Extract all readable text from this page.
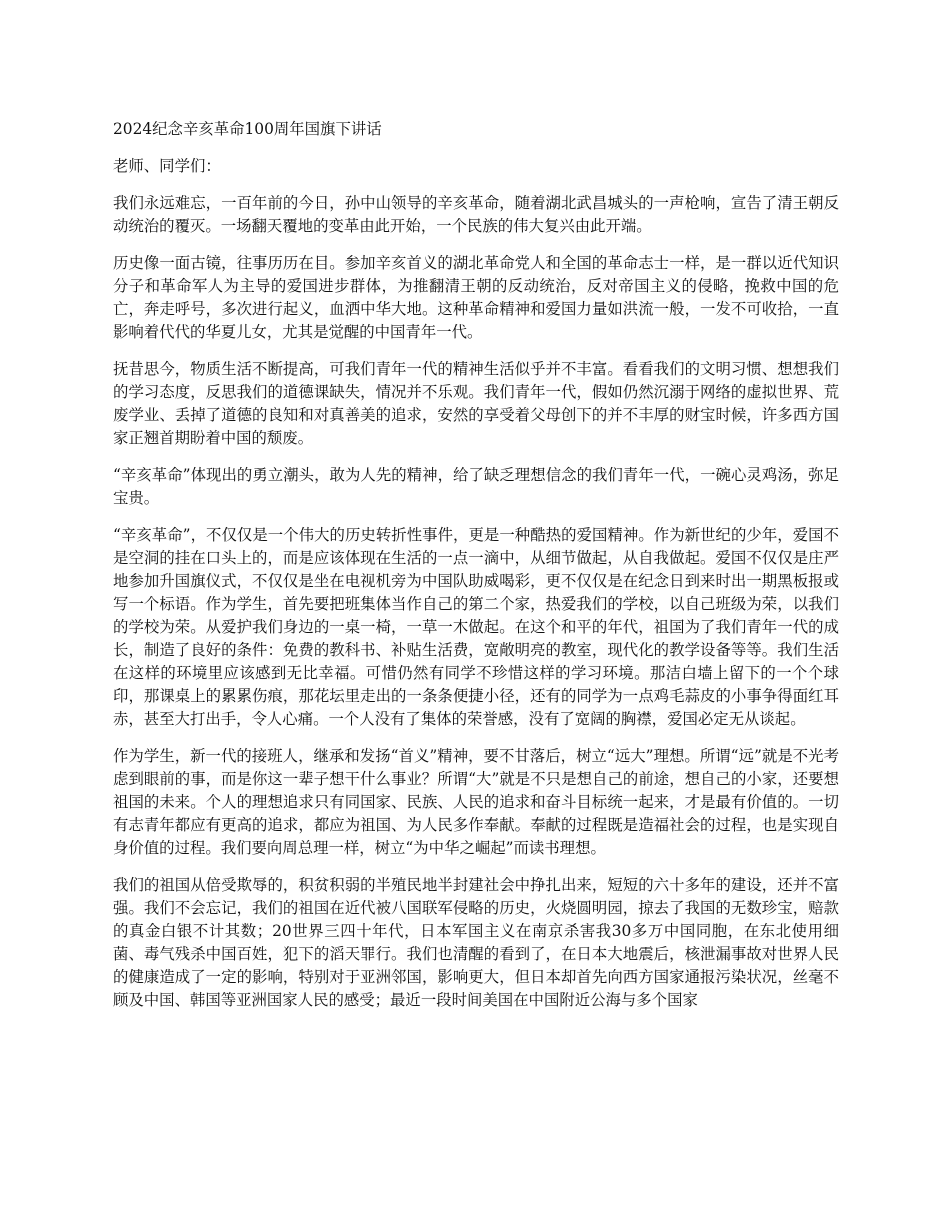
2024纪念辛亥革命100周年国旗下讲话

老师、同学们：

我们永远难忘，一百年前的今日，孙中山领导的辛亥革命，随着湖北武昌城头的一声枪响，宣告了清王朝反动统治的覆灭。一场翻天覆地的变革由此开始，一个民族的伟大复兴由此开端。

历史像一面古镜，往事历历在目。参加辛亥首义的湖北革命党人和全国的革命志士一样，是一群以近代知识分子和革命军人为主导的爱国进步群体，为推翻清王朝的反动统治，反对帝国主义的侵略，挽救中国的危亡，奔走呼号，多次进行起义，血洒中华大地。这种革命精神和爱国力量如洪流一般，一发不可收拾，一直影响着代代的华夏儿女，尤其是觉醒的中国青年一代。

抚昔思今，物质生活不断提高，可我们青年一代的精神生活似乎并不丰富。看看我们的文明习惯、想想我们的学习态度，反思我们的道德课缺失，情况并不乐观。我们青年一代，假如仍然沉溺于网络的虚拟世界、荒废学业、丢掉了道德的良知和对真善美的追求，安然的享受着父母创下的并不丰厚的财宝时候，许多西方国家正翘首期盼着中国的颓废。

“辛亥革命”体现出的勇立潮头，敢为人先的精神，给了缺乏理想信念的我们青年一代，一碗心灵鸡汤，弥足宝贵。

“辛亥革命”，不仅仅是一个伟大的历史转折性事件，更是一种酷热的爱国精神。作为新世纪的少年，爱国不是空洞的挂在口头上的，而是应该体现在生活的一点一滴中，从细节做起，从自我做起。爱国不仅仅是庄严地参加升国旗仪式，不仅仅是坐在电视机旁为中国队助威喝彩，更不仅仅是在纪念日到来时出一期黑板报或写一个标语。作为学生，首先要把班集体当作自己的第二个家，热爱我们的学校，以自己班级为荣，以我们的学校为荣。从爱护我们身边的一桌一椅，一草一木做起。在这个和平的年代，祖国为了我们青年一代的成长，制造了良好的条件：免费的教科书、补贴生活费，宽敞明亮的教室，现代化的教学设备等等。我们生活在这样的环境里应该感到无比幸福。可惜仍然有同学不珍惜这样的学习环境。那洁白墙上留下的一个个球印，那课桌上的累累伤痕，那花坛里走出的一条条便捷小径，还有的同学为一点鸡毛蒜皮的小事争得面红耳赤，甚至大打出手，令人心痛。一个人没有了集体的荣誉感，没有了宽阔的胸襟，爱国必定无从谈起。

作为学生，新一代的接班人，继承和发扬“首义”精神，要不甘落后，树立“远大”理想。所谓“远”就是不光考虑到眼前的事，而是你这一辈子想干什么事业？所谓“大”就是不只是想自己的前途，想自己的小家，还要想祖国的未来。个人的理想追求只有同国家、民族、人民的追求和奋斗目标统一起来，才是最有价值的。一切有志青年都应有更高的追求，都应为祖国、为人民多作奉献。奉献的过程既是造福社会的过程，也是实现自身价值的过程。我们要向周总理一样，树立“为中华之崛起”而读书理想。

我们的祖国从倍受欺辱的，积贫积弱的半殖民地半封建社会中挣扎出来，短短的六十多年的建设，还并不富强。我们不会忘记，我们的祖国在近代被八国联军侵略的历史，火烧圆明园，掠去了我国的无数珍宝，赔款的真金白银不计其数；20世界三四十年代，日本军国主义在南京杀害我30多万中国同胞，在东北使用细菌、毒气残杀中国百姓，犯下的滔天罪行。我们也清醒的看到了，在日本大地震后，核泄漏事故对世界人民的健康造成了一定的影响，特别对于亚洲邻国，影响更大，但日本却首先向西方国家通报污染状况，丝毫不顾及中国、韩国等亚洲国家人民的感受；最近一段时间美国在中国附近公海与多个国家
